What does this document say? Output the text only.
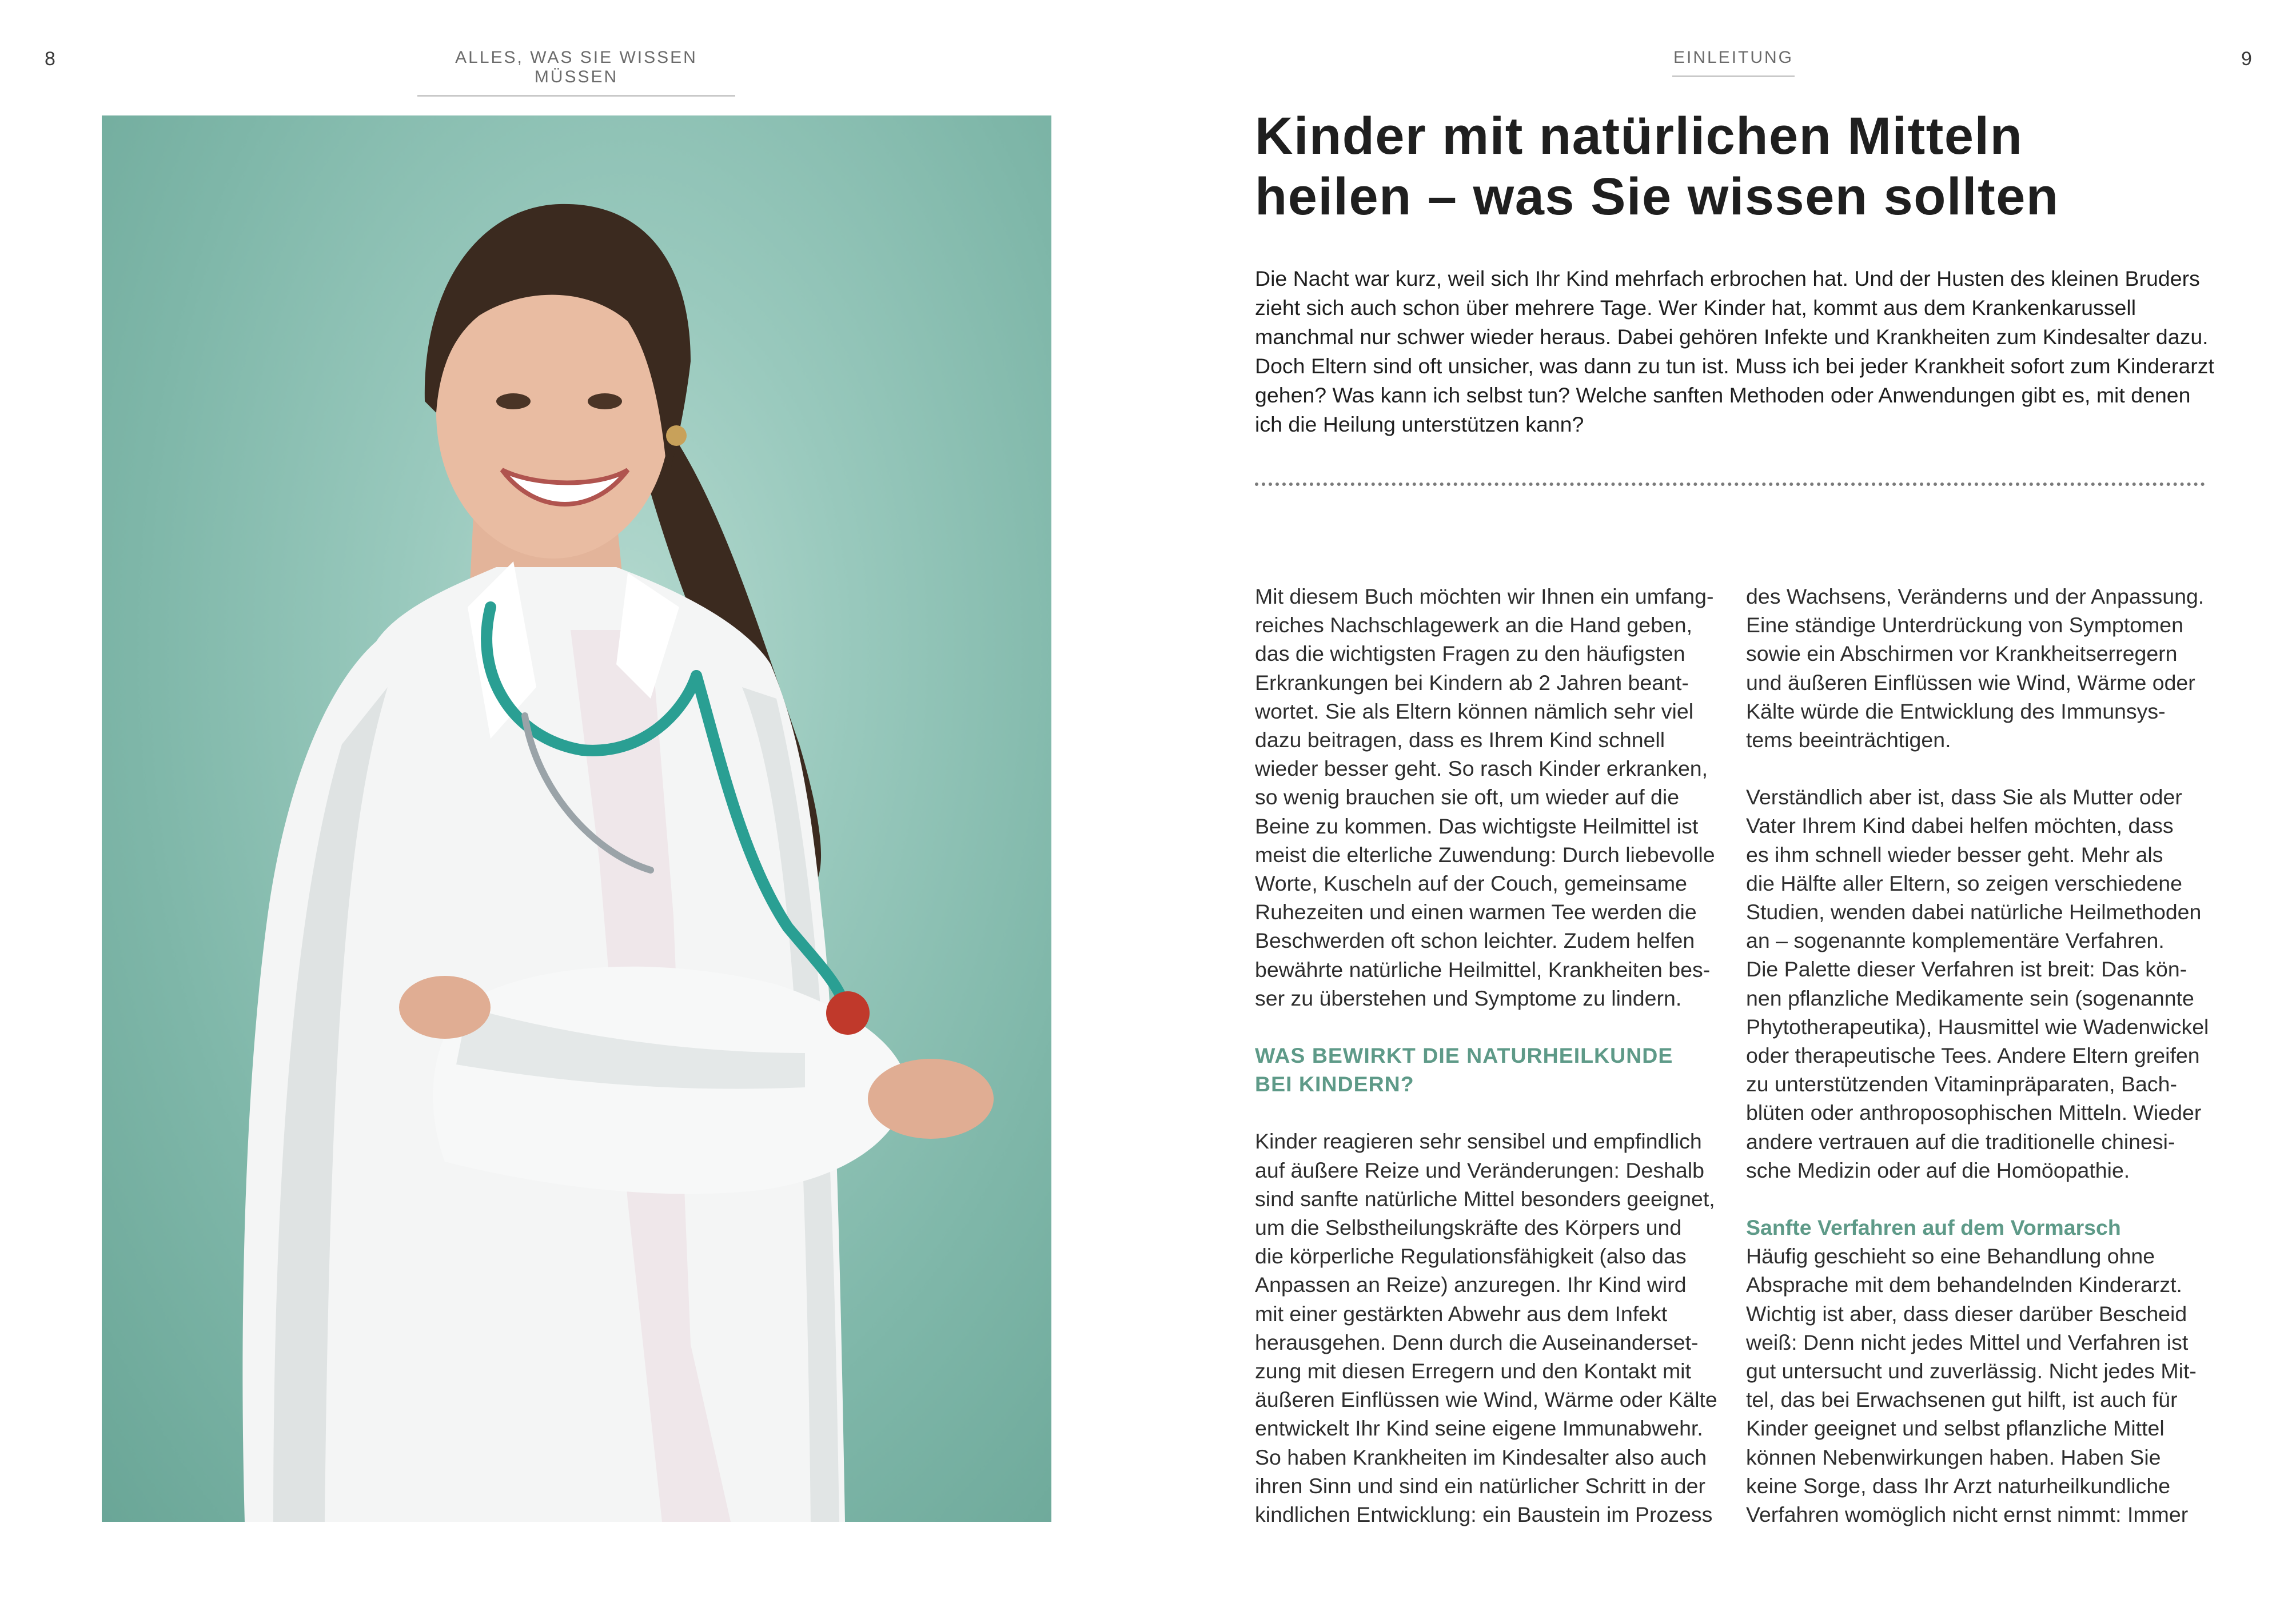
8	ALLES, WAS SIE WISSEN MÜSSEN
EINLEITUNG	9
Kinder mit natürlichen Mitteln
heilen – was Sie wissen sollten

Die Nacht war kurz, weil sich Ihr Kind mehrfach erbrochen hat. Und der Husten des kleinen Bruders zieht sich auch schon über mehrere Tage. Wer Kinder hat, kommt aus dem Krankenkarussell manchmal nur schwer wieder heraus. Dabei gehören Infekte und Krankheiten zum Kindesalter dazu. Doch Eltern sind oft unsicher, was dann zu tun ist. Muss ich bei jeder Krankheit sofort zum Kinderarzt gehen? Was kann ich selbst tun? Welche sanften Methoden oder Anwendungen gibt es, mit denen ich die Heilung unterstützen kann?

Mit diesem Buch möchten wir Ihnen ein umfang-

reiches Nachschlagewerk an die Hand geben,

das die wichtigsten Fragen zu den häufigsten

Erkrankungen bei Kindern ab 2 Jahren beant-

wortet. Sie als Eltern können nämlich sehr viel

dazu beitragen, dass es Ihrem Kind schnell

wieder besser geht. So rasch Kinder erkranken,

so wenig brauchen sie oft, um wieder auf die

Beine zu kommen. Das wichtigste Heilmittel ist

meist die elterliche Zuwendung: Durch liebevolle

Worte, Kuscheln auf der Couch, gemeinsame

Ruhezeiten und einen warmen Tee werden die

Beschwerden oft schon leichter. Zudem helfen

bewährte natürliche Heilmittel, Krankheiten bes-

ser zu überstehen und Symptome zu lindern.

WAS BEWIRKT DIE NATURHEILKUNDE

BEI KINDERN?

Kinder reagieren sehr sensibel und empfindlich

auf äußere Reize und Veränderungen: Deshalb

sind sanfte natürliche Mittel besonders geeignet,

um die Selbstheilungskräfte des Körpers und

die körperliche Regulationsfähigkeit (also das

Anpassen an Reize) anzuregen. Ihr Kind wird

mit einer gestärkten Abwehr aus dem Infekt

herausgehen. Denn durch die Auseinanderset-

zung mit diesen Erregern und den Kontakt mit

äußeren Einflüssen wie Wind, Wärme oder Kälte

entwickelt Ihr Kind seine eigene Immunabwehr.

So haben Krankheiten im Kindesalter also auch

ihren Sinn und sind ein natürlicher Schritt in der

kindlichen Entwicklung: ein Baustein im Prozess

des Wachsens, Veränderns und der Anpassung.

Eine ständige Unterdrückung von Symptomen

sowie ein Abschirmen vor Krankheitserregern

und äußeren Einflüssen wie Wind, Wärme oder

Kälte würde die Entwicklung des Immunsys-

tems beeinträchtigen.

Verständlich aber ist, dass Sie als Mutter oder

Vater Ihrem Kind dabei helfen möchten, dass

es ihm schnell wieder besser geht. Mehr als

die Hälfte aller Eltern, so zeigen verschiedene

Studien, wenden dabei natürliche Heilmethoden

an – sogenannte komplementäre Verfahren.

Die Palette dieser Verfahren ist breit: Das kön-

nen pflanzliche Medikamente sein (sogenannte

Phytotherapeutika), Hausmittel wie Wadenwickel

oder therapeutische Tees. Andere Eltern greifen

zu unterstützenden Vitaminpräparaten, Bach-

blüten oder anthroposophischen Mitteln. Wieder

andere vertrauen auf die traditionelle chinesi-

sche Medizin oder auf die Homöopathie.

Sanfte Verfahren auf dem Vormarsch

Häufig geschieht so eine Behandlung ohne

Absprache mit dem behandelnden Kinderarzt.

Wichtig ist aber, dass dieser darüber Bescheid

weiß: Denn nicht jedes Mittel und Verfahren ist

gut untersucht und zuverlässig. Nicht jedes Mit-

tel, das bei Erwachsenen gut hilft, ist auch für

Kinder geeignet und selbst pflanzliche Mittel

können Nebenwirkungen haben. Haben Sie

keine Sorge, dass Ihr Arzt naturheilkundliche

Verfahren womöglich nicht ernst nimmt: Immer
